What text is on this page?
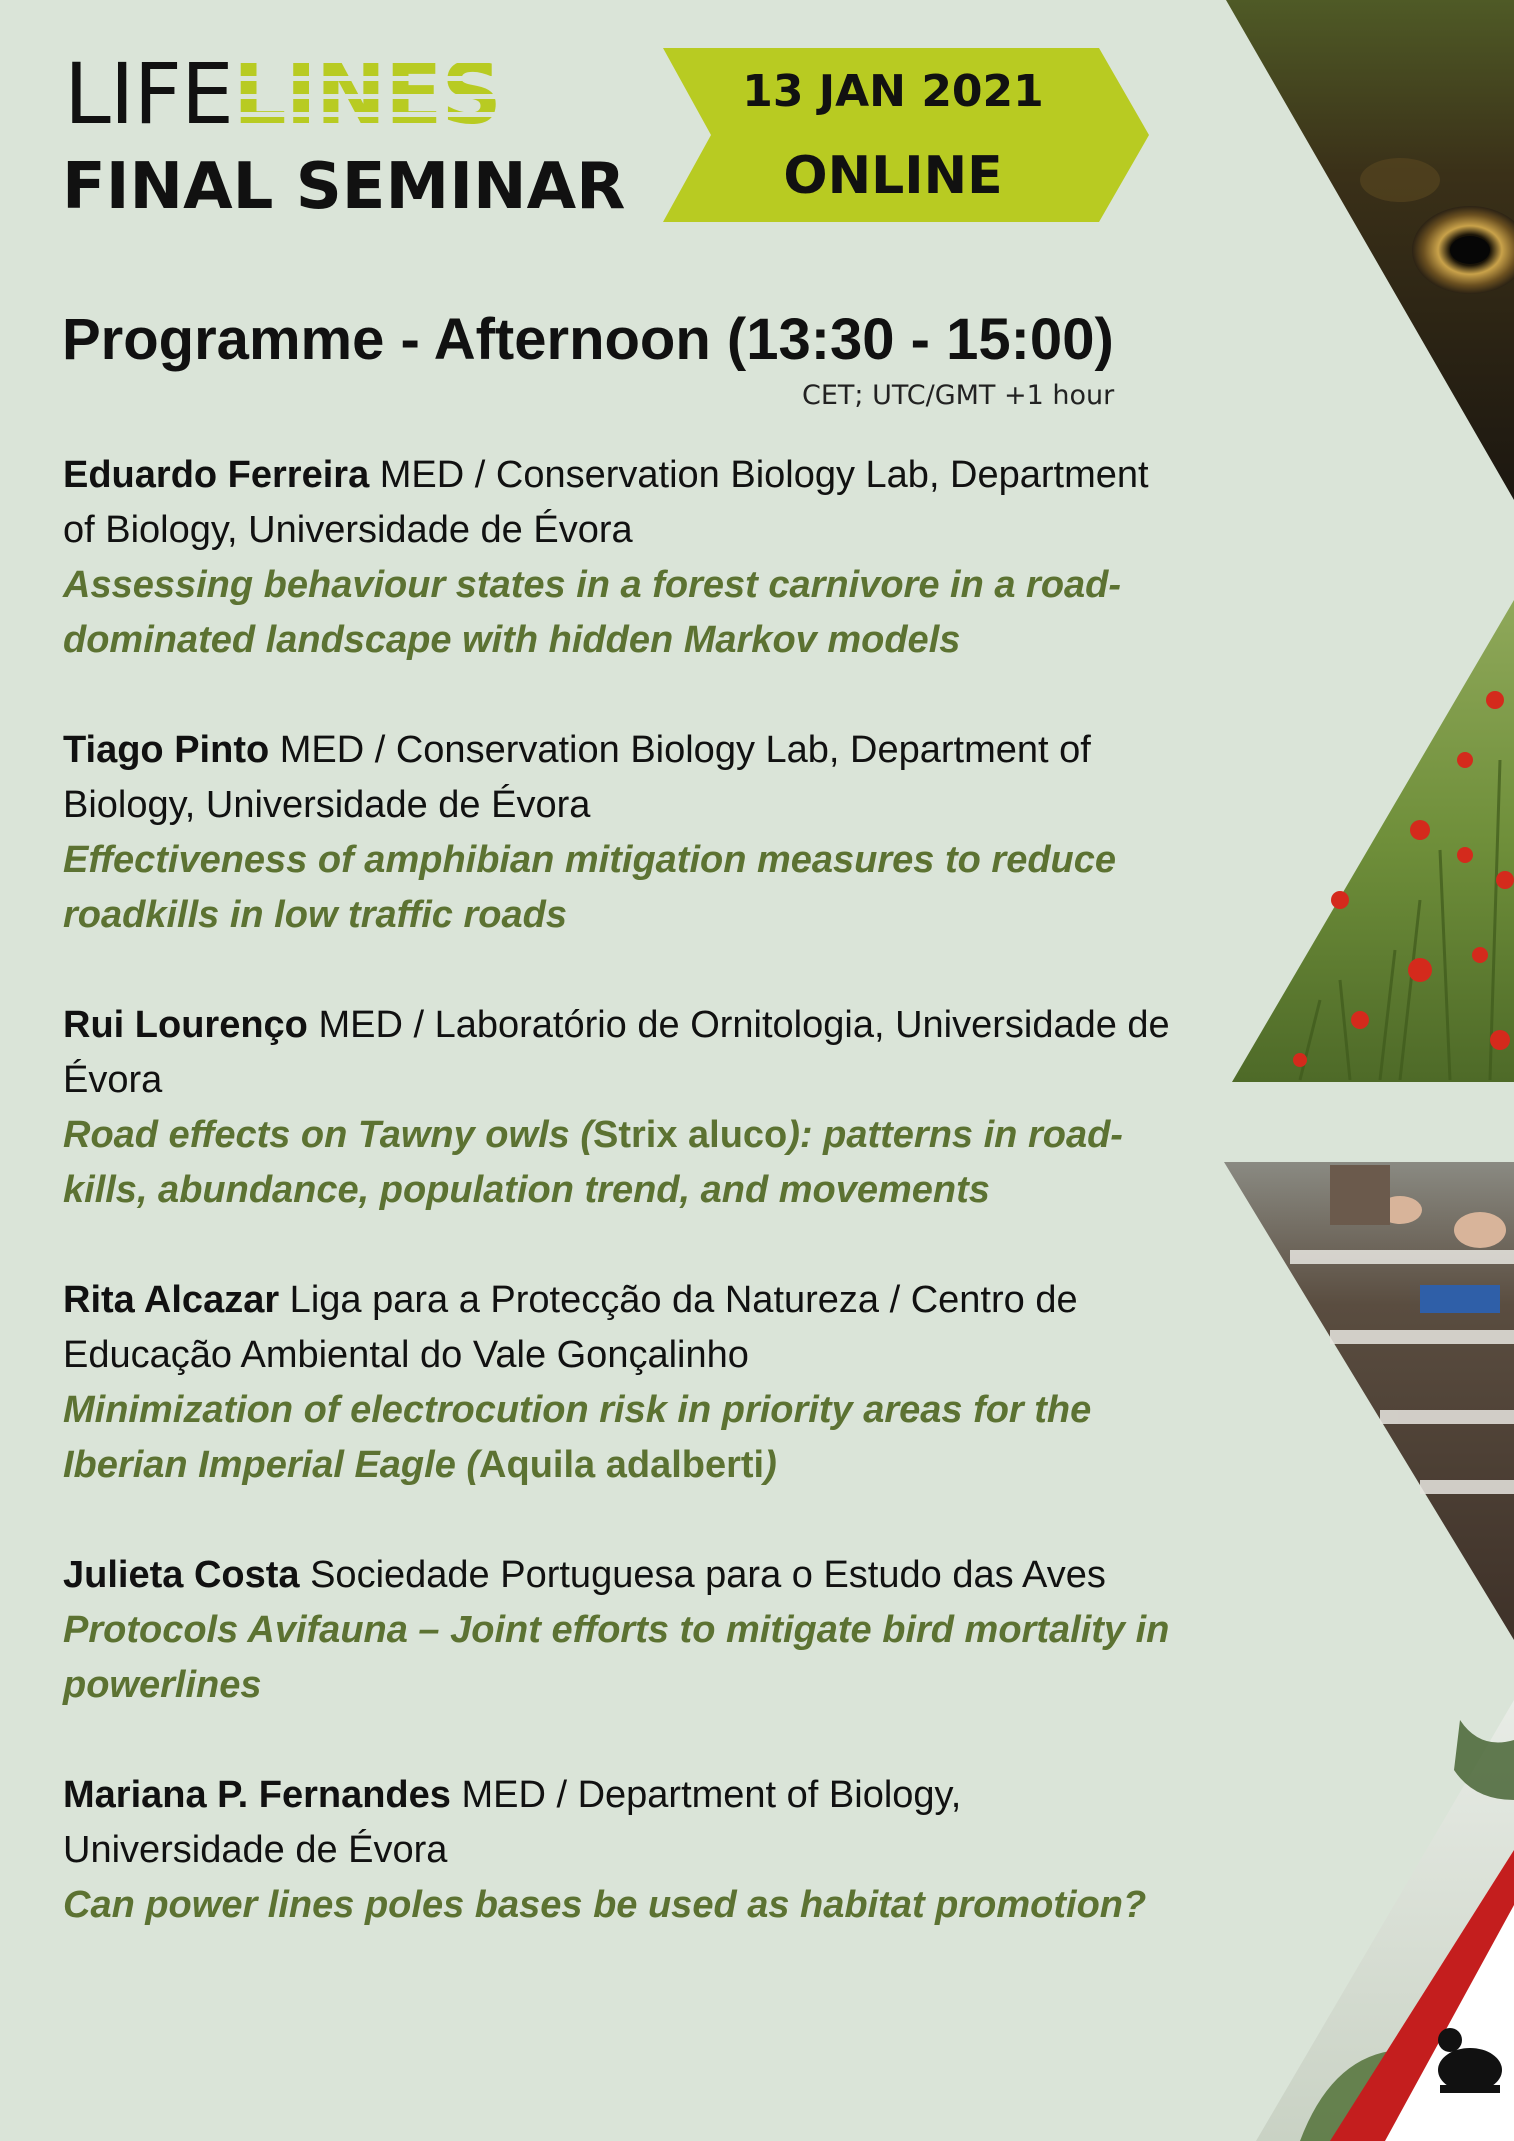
LIFELINES
FINAL SEMINAR
13 JAN 2021
ONLINE
Programme - Afternoon (13:30 - 15:00)
CET; UTC/GMT +1 hour
Eduardo Ferreira MED / Conservation Biology Lab, Department of Biology, Universidade de Évora
Assessing behaviour states in a forest carnivore in a road-dominated landscape with hidden Markov models
Tiago Pinto MED / Conservation Biology Lab, Department of Biology, Universidade de Évora
Effectiveness of amphibian mitigation measures to reduce roadkills in low traffic roads
Rui Lourenço MED / Laboratório de Ornitologia, Universidade de Évora
Road effects on Tawny owls (Strix aluco): patterns in road-kills, abundance, population trend, and movements
Rita Alcazar Liga para a Protecção da Natureza / Centro de Educação Ambiental do Vale Gonçalinho
Minimization of electrocution risk in priority areas for the Iberian Imperial Eagle (Aquila adalberti)
Julieta Costa Sociedade Portuguesa para o Estudo das Aves
Protocols Avifauna – Joint efforts to mitigate bird mortality in powerlines
Mariana P. Fernandes MED / Department of Biology, Universidade de Évora
Can power lines poles bases be used as habitat promotion?
